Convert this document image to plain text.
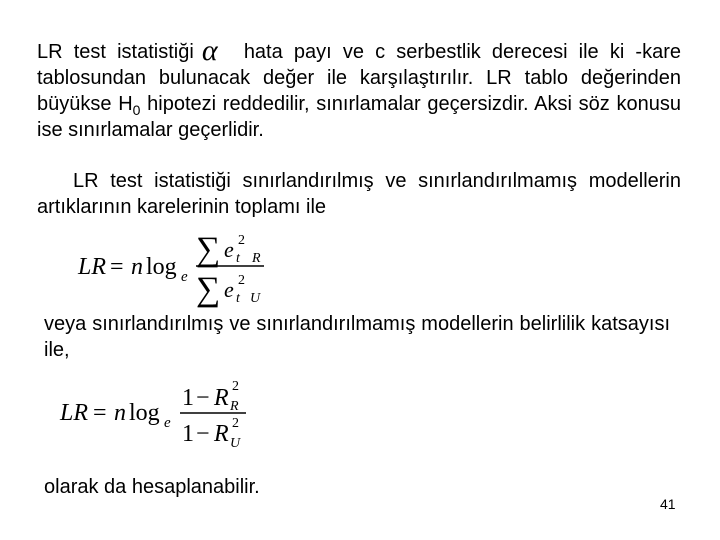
LR test istatistiği α hata payı ve c serbestlik derecesi ile ki -kare tablosundan bulunacak değer ile karşılaştırılır. LR tablo değerinden büyükse $H_0$ hipotezi reddedilir, sınırlamalar geçersizdir. Aksi söz konusu ise sınırlamalar geçerlidir.

LR test istatistiği sınırlandırılmış ve sınırlandırılmamış modellerin artıklarının karelerinin toplamı ile

LR = n log e
∑ e 2
t R
∑ e 2
t U
LR = n log e
1 − R 2
R
1 − R 2
U

veya sınırlandırılmış ve sınırlandırılmamış modellerin belirlilik katsayısı ile,

olarak da hesaplanabilir.

41
